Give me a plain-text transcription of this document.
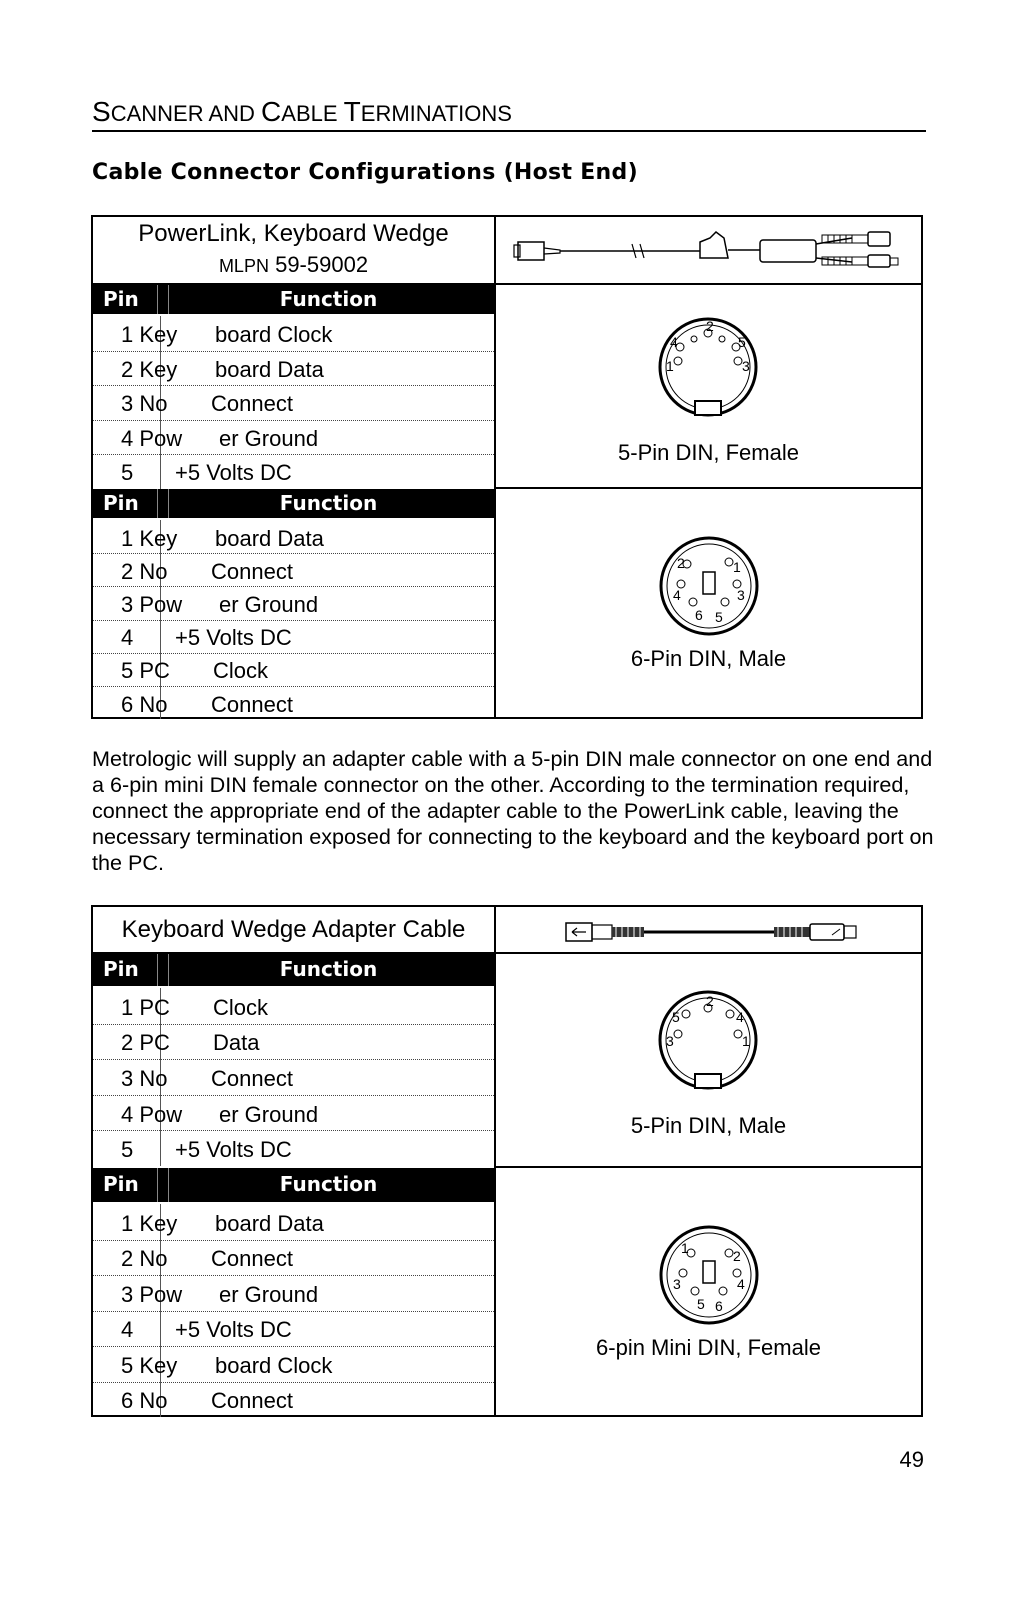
SCANNER AND CABLE TERMINATIONS
Cable Connector Configurations (Host End)
PowerLink, Keyboard Wedge
MLPN 59-59002
Pin	Function
1 Key board Clock
2 Key board Data
3 No Connect
4 Pow er Ground
5 +5 Volts DC
2
4	5
1	3
5-Pin DIN, Female
Pin	Function
1 Key board Data
2 No Connect
3 Pow er Ground
4 +5 Volts DC
5 PC Clock
6 No Connect
2	1
4	3
6 5
6-Pin DIN, Male
Metrologic will supply an adapter cable with a 5-pin DIN male connector on one end and a 6-pin mini DIN female connector on the other. According to the termination required, connect the appropriate end of the adapter cable to the PowerLink cable, leaving the necessary termination exposed for connecting to the keyboard and the keyboard port on the PC.
Keyboard Wedge Adapter Cable
Pin	Function
1 PC Clock
2 PC Data
3 No Connect
4 Pow er Ground
5 +5 Volts DC
2
5	4
3	1
5-Pin DIN, Male
Pin	Function
1 Key board Data
2 No Connect
3 Pow er Ground
4 +5 Volts DC
5 Key board Clock
6 No Connect
1	2
3	4
5 6
6-pin Mini DIN, Female
49
